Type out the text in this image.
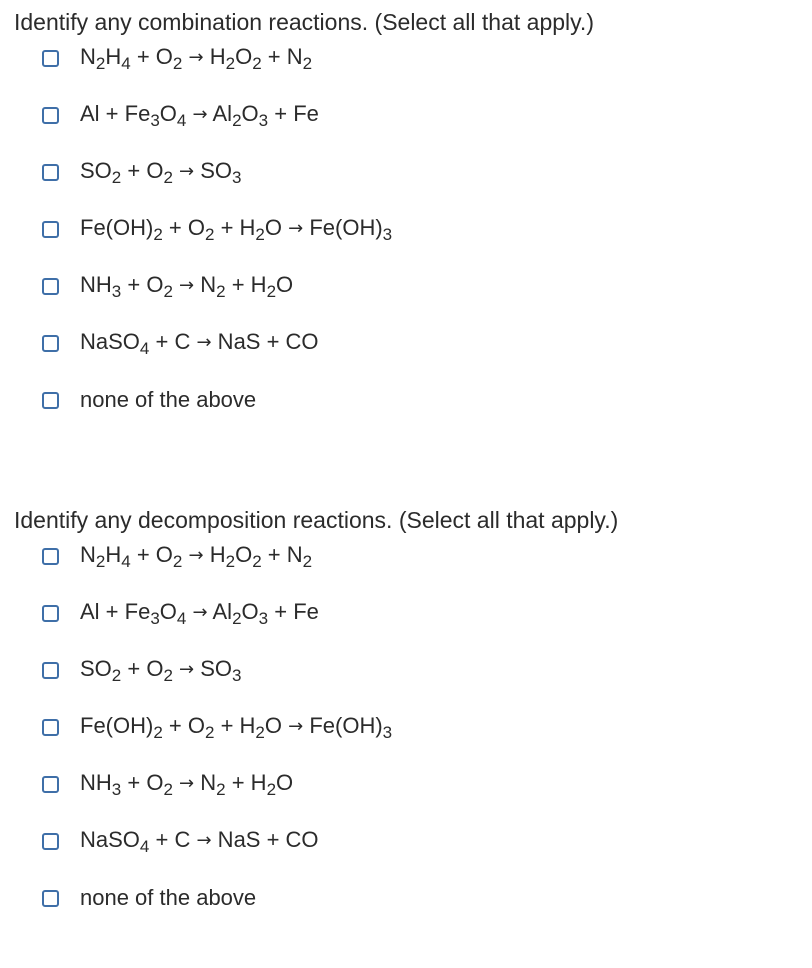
Identify any combination reactions. (Select all that apply.)
$N_2H_4 + O_2 \to H_2O_2 + N_2$
$Al + Fe_3O_4 \to Al_2O_3 + Fe$
$SO_2 + O_2 \to SO_3$
$Fe(OH)_2 + O_2 + H_2O \to Fe(OH)_3$
$NH_3 + O_2 \to N_2 + H_2O$
NaSO$_4$ + C → NaS + CO
none of the above
Identify any decomposition reactions. (Select all that apply.)
$N_2H_4 + O_2 \to H_2O_2 + N_2$
$Al + Fe_3O_4 \to Al_2O_3 + Fe$
$SO_2 + O_2 \to SO_3$
$Fe(OH)_2 + O_2 + H_2O \to Fe(OH)_3$
$NH_3 + O_2 \to N_2 + H_2O$
NaSO$_4$ + C → NaS + CO
none of the above
